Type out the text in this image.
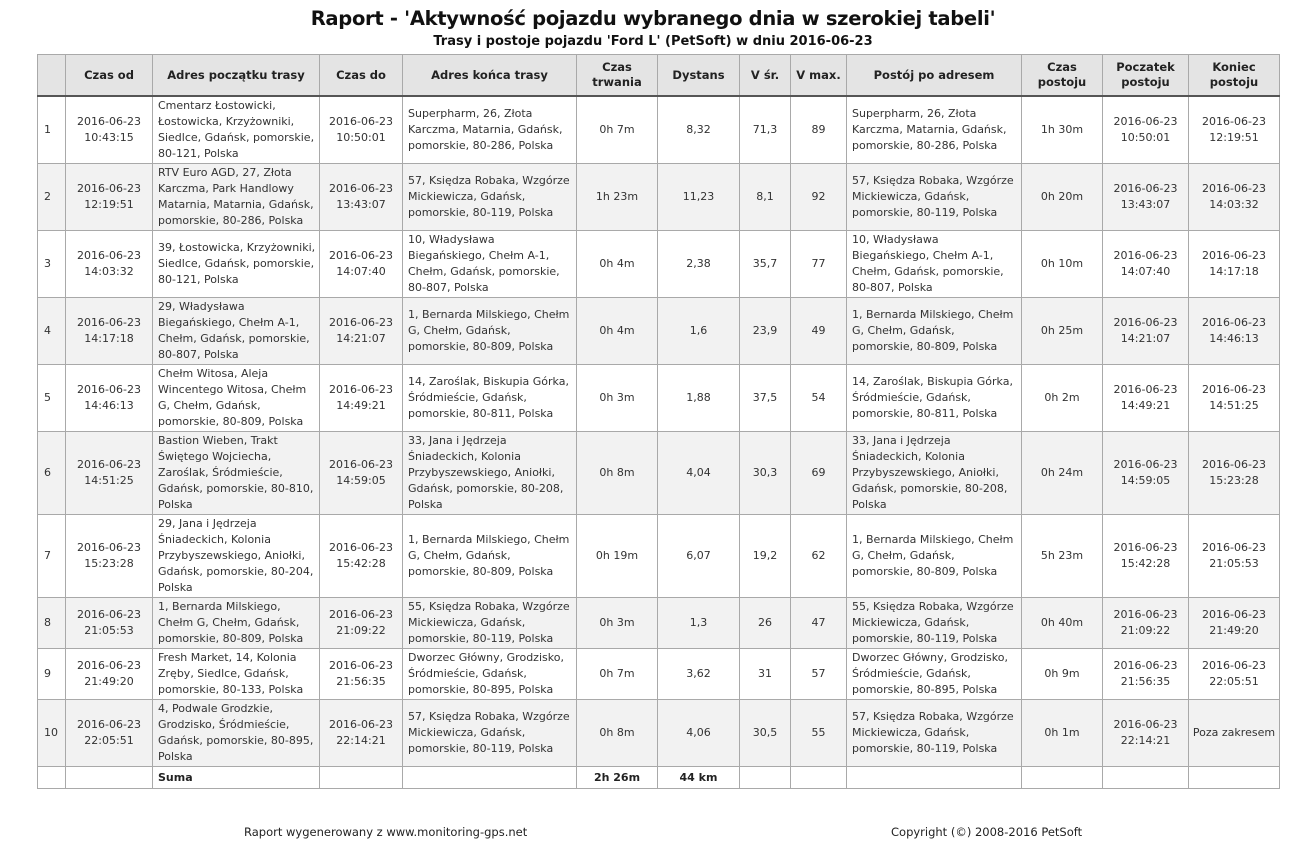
Raport - 'Aktywność pojazdu wybranego dnia w szerokiej tabeli'
Trasy i postoje pojazdu 'Ford L' (PetSoft) w dniu 2016-06-23
	Czas od	Adres początku trasy	Czas do	Adres końca trasy	Czas trwania	Dystans	V śr.	V max.	Postój po adresem	Czas postoju	Poczatek postoju	Koniec postoju
1	2016-06-23 10:43:15	Cmentarz Łostowicki, Łostowicka, Krzyżowniki, Siedlce, Gdańsk, pomorskie, 80-121, Polska	2016-06-23 10:50:01	Superpharm, 26, Złota Karczma, Matarnia, Gdańsk, pomorskie, 80-286, Polska	0h 7m	8,32	71,3	89	Superpharm, 26, Złota Karczma, Matarnia, Gdańsk, pomorskie, 80-286, Polska	1h 30m	2016-06-23 10:50:01	2016-06-23 12:19:51
2	2016-06-23 12:19:51	RTV Euro AGD, 27, Złota Karczma, Park Handlowy Matarnia, Matarnia, Gdańsk, pomorskie, 80-286, Polska	2016-06-23 13:43:07	57, Księdza Robaka, Wzgórze Mickiewicza, Gdańsk, pomorskie, 80-119, Polska	1h 23m	11,23	8,1	92	57, Księdza Robaka, Wzgórze Mickiewicza, Gdańsk, pomorskie, 80-119, Polska	0h 20m	2016-06-23 13:43:07	2016-06-23 14:03:32
3	2016-06-23 14:03:32	39, Łostowicka, Krzyżowniki, Siedlce, Gdańsk, pomorskie, 80-121, Polska	2016-06-23 14:07:40	10, Władysława Biegańskiego, Chełm A-1, Chełm, Gdańsk, pomorskie, 80-807, Polska	0h 4m	2,38	35,7	77	10, Władysława Biegańskiego, Chełm A-1, Chełm, Gdańsk, pomorskie, 80-807, Polska	0h 10m	2016-06-23 14:07:40	2016-06-23 14:17:18
4	2016-06-23 14:17:18	29, Władysława Biegańskiego, Chełm A-1, Chełm, Gdańsk, pomorskie, 80-807, Polska	2016-06-23 14:21:07	1, Bernarda Milskiego, Chełm G, Chełm, Gdańsk, pomorskie, 80-809, Polska	0h 4m	1,6	23,9	49	1, Bernarda Milskiego, Chełm G, Chełm, Gdańsk, pomorskie, 80-809, Polska	0h 25m	2016-06-23 14:21:07	2016-06-23 14:46:13
5	2016-06-23 14:46:13	Chełm Witosa, Aleja Wincentego Witosa, Chełm G, Chełm, Gdańsk, pomorskie, 80-809, Polska	2016-06-23 14:49:21	14, Zaroślak, Biskupia Górka, Śródmieście, Gdańsk, pomorskie, 80-811, Polska	0h 3m	1,88	37,5	54	14, Zaroślak, Biskupia Górka, Śródmieście, Gdańsk, pomorskie, 80-811, Polska	0h 2m	2016-06-23 14:49:21	2016-06-23 14:51:25
6	2016-06-23 14:51:25	Bastion Wieben, Trakt Świętego Wojciecha, Zaroślak, Śródmieście, Gdańsk, pomorskie, 80-810, Polska	2016-06-23 14:59:05	33, Jana i Jędrzeja Śniadeckich, Kolonia Przybyszewskiego, Aniołki, Gdańsk, pomorskie, 80-208, Polska	0h 8m	4,04	30,3	69	33, Jana i Jędrzeja Śniadeckich, Kolonia Przybyszewskiego, Aniołki, Gdańsk, pomorskie, 80-208, Polska	0h 24m	2016-06-23 14:59:05	2016-06-23 15:23:28
7	2016-06-23 15:23:28	29, Jana i Jędrzeja Śniadeckich, Kolonia Przybyszewskiego, Aniołki, Gdańsk, pomorskie, 80-204, Polska	2016-06-23 15:42:28	1, Bernarda Milskiego, Chełm G, Chełm, Gdańsk, pomorskie, 80-809, Polska	0h 19m	6,07	19,2	62	1, Bernarda Milskiego, Chełm G, Chełm, Gdańsk, pomorskie, 80-809, Polska	5h 23m	2016-06-23 15:42:28	2016-06-23 21:05:53
8	2016-06-23 21:05:53	1, Bernarda Milskiego, Chełm G, Chełm, Gdańsk, pomorskie, 80-809, Polska	2016-06-23 21:09:22	55, Księdza Robaka, Wzgórze Mickiewicza, Gdańsk, pomorskie, 80-119, Polska	0h 3m	1,3	26	47	55, Księdza Robaka, Wzgórze Mickiewicza, Gdańsk, pomorskie, 80-119, Polska	0h 40m	2016-06-23 21:09:22	2016-06-23 21:49:20
9	2016-06-23 21:49:20	Fresh Market, 14, Kolonia Zręby, Siedlce, Gdańsk, pomorskie, 80-133, Polska	2016-06-23 21:56:35	Dworzec Główny, Grodzisko, Śródmieście, Gdańsk, pomorskie, 80-895, Polska	0h 7m	3,62	31	57	Dworzec Główny, Grodzisko, Śródmieście, Gdańsk, pomorskie, 80-895, Polska	0h 9m	2016-06-23 21:56:35	2016-06-23 22:05:51
10	2016-06-23 22:05:51	4, Podwale Grodzkie, Grodzisko, Śródmieście, Gdańsk, pomorskie, 80-895, Polska	2016-06-23 22:14:21	57, Księdza Robaka, Wzgórze Mickiewicza, Gdańsk, pomorskie, 80-119, Polska	0h 8m	4,06	30,5	55	57, Księdza Robaka, Wzgórze Mickiewicza, Gdańsk, pomorskie, 80-119, Polska	0h 1m	2016-06-23 22:14:21	Poza zakresem
		Suma			2h 26m	44 km						
Raport wygenerowany z www.monitoring-gps.net	Copyright (©) 2008-2016 PetSoft
